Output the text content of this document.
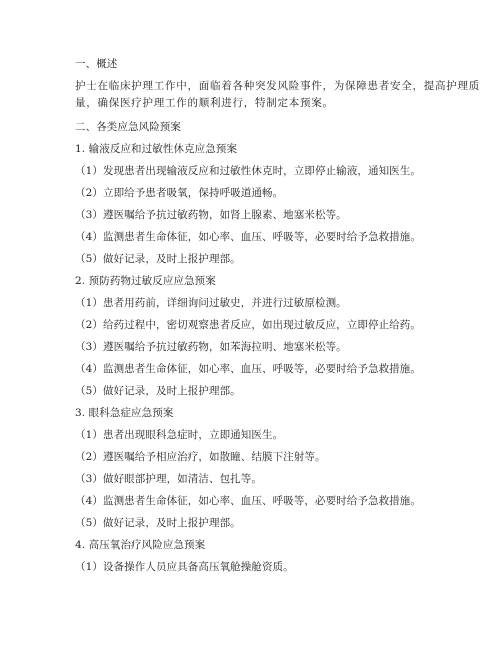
一、概述
护士在临床护理工作中，面临着各种突发风险事件，为保障患者安全，提高护理质
量，确保医疗护理工作的顺利进行，特制定本预案。
二、各类应急风险预案
1. 输液反应和过敏性休克应急预案
（1）发现患者出现输液反应和过敏性休克时，立即停止输液，通知医生。
（2）立即给予患者吸氧，保持呼吸道通畅。
（3）遵医嘱给予抗过敏药物，如肾上腺素、地塞米松等。
（4）监测患者生命体征，如心率、血压、呼吸等，必要时给予急救措施。
（5）做好记录，及时上报护理部。
2. 预防药物过敏反应应急预案
（1）患者用药前，详细询问过敏史，并进行过敏原检测。
（2）给药过程中，密切观察患者反应，如出现过敏反应，立即停止给药。
（3）遵医嘱给予抗过敏药物，如苯海拉明、地塞米松等。
（4）监测患者生命体征，如心率、血压、呼吸等，必要时给予急救措施。
（5）做好记录，及时上报护理部。
3. 眼科急症应急预案
（1）患者出现眼科急症时，立即通知医生。
（2）遵医嘱给予相应治疗，如散瞳、结膜下注射等。
（3）做好眼部护理，如清洁、包扎等。
（4）监测患者生命体征，如心率、血压、呼吸等，必要时给予急救措施。
（5）做好记录，及时上报护理部。
4. 高压氧治疗风险应急预案
（1）设备操作人员应具备高压氧舱操舱资质。
